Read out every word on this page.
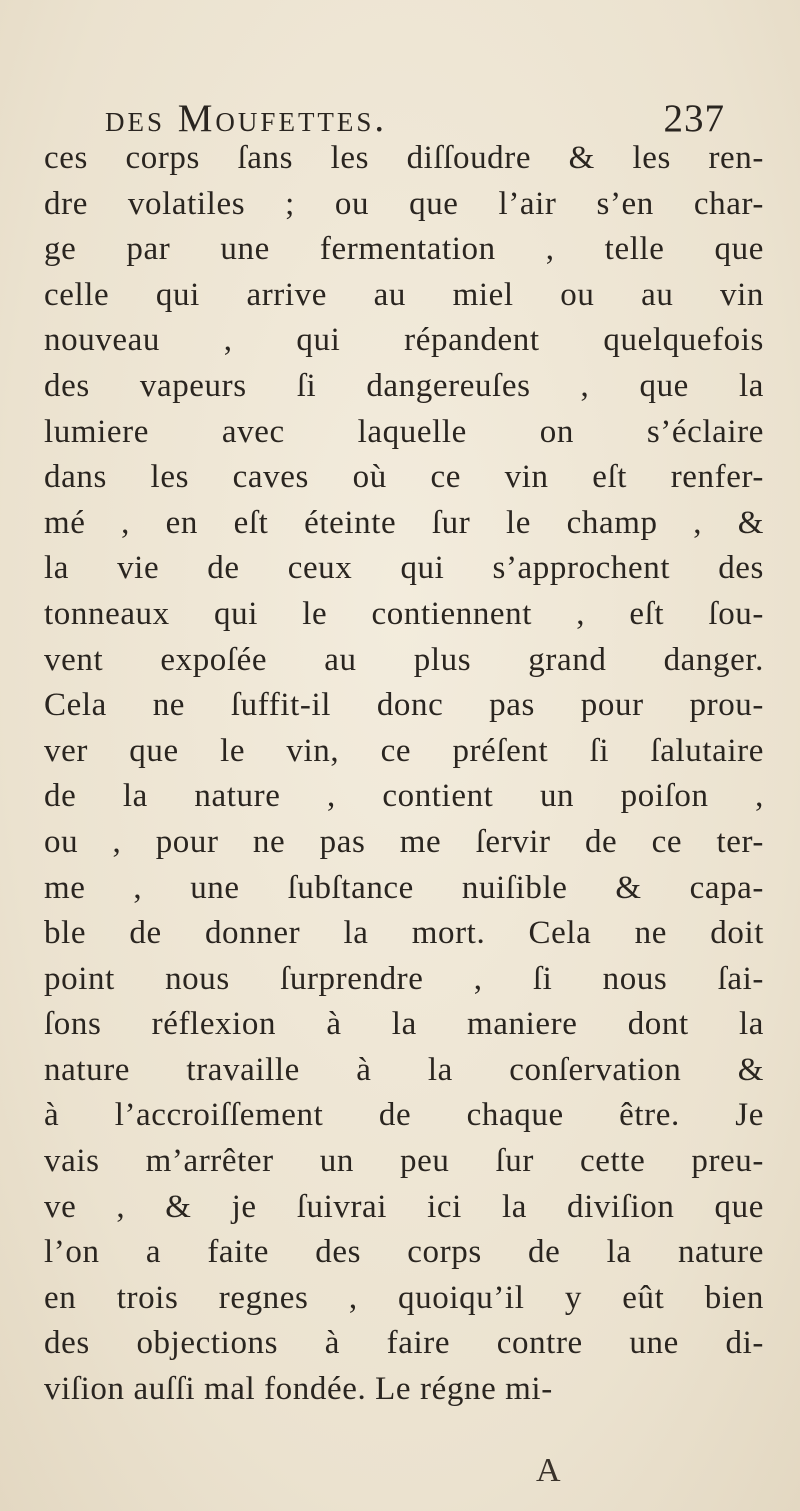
des Moufettes.	237
ces corps ſans les diſſoudre & les ren-
dre volatiles ; ou que l’air s’en char-
ge par une fermentation , telle que
celle qui arrive au miel ou au vin
nouveau , qui répandent quelquefois
des vapeurs ſi dangereuſes , que la
lumiere avec laquelle on s’éclaire
dans les caves où ce vin eſt renfer-
mé , en eſt éteinte ſur le champ , &
la vie de ceux qui s’approchent des
tonneaux qui le contiennent , eſt ſou-
vent expoſée au plus grand danger.
Cela ne ſuffit-il donc pas pour prou-
ver que le vin, ce préſent ſi ſalutaire
de la nature , contient un poiſon ,
ou , pour ne pas me ſervir de ce ter-
me , une ſubſtance nuiſible & capa-
ble de donner la mort. Cela ne doit
point nous ſurprendre , ſi nous ſai-
ſons réflexion à la maniere dont la
nature travaille à la conſervation &
à l’accroiſſement de chaque être. Je
vais m’arrêter un peu ſur cette preu-
ve , & je ſuivrai ici la diviſion que
l’on a faite des corps de la nature
en trois regnes , quoiqu’il y eût bien
des objections à faire contre une di-
viſion auſſi mal fondée. Le régne mi-
A
